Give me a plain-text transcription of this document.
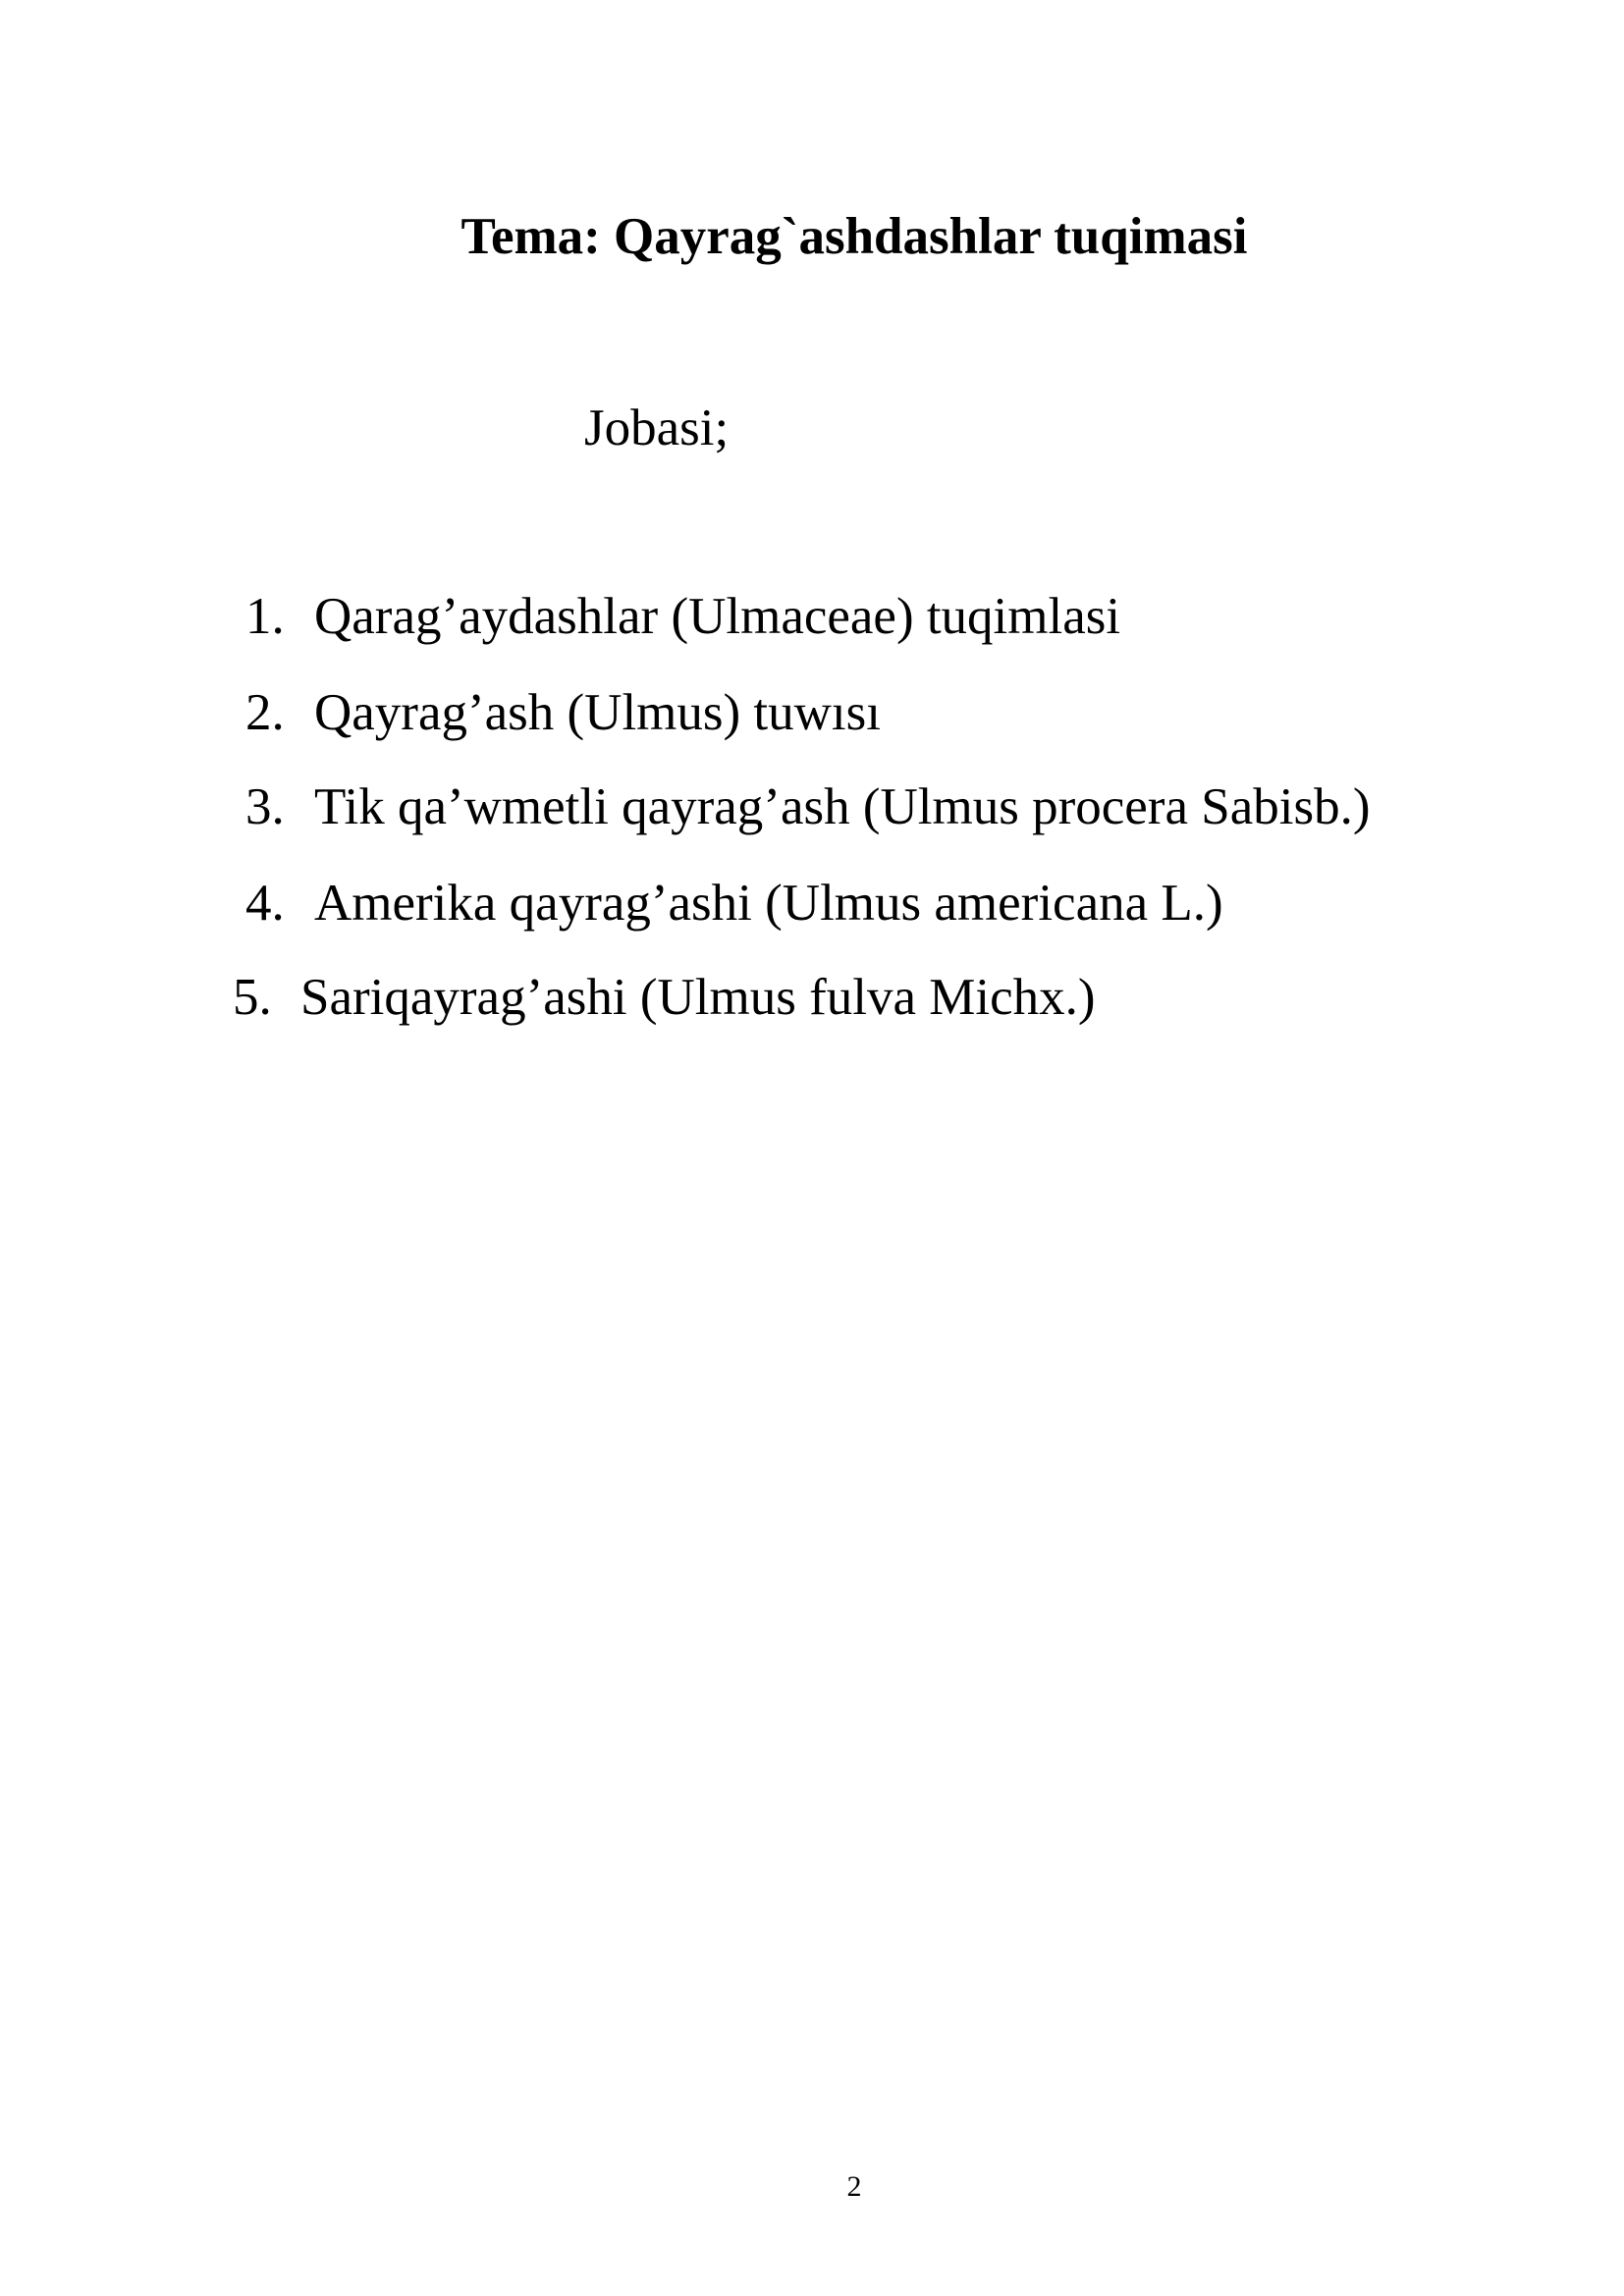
Tema: Qayrag`ashdashlar tuqimasi
Jobasi;
1. Qarag’aydashlar (Ulmaceae) tuqimlasi
2. Qayrag’ash (Ulmus) tuwısı
3. Tik qa’wmetli qayrag’ash (Ulmus procera Sabisb.)
4. Amerika qayrag’ashi (Ulmus americana L.)
5. Sariqayrag’ashi (Ulmus fulva Michx.)
2
